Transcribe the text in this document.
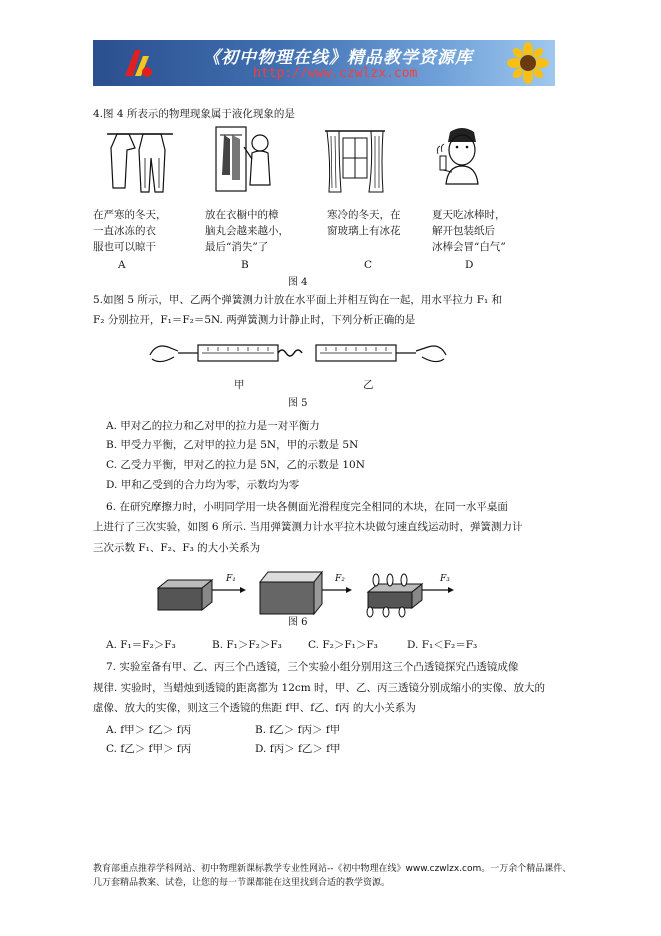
《初中物理在线》精品教学资源库
http://www.czwlzx.com
4.图 4 所表示的物理现象属于液化现象的是
在严寒的冬天，
一直冰冻的衣
服也可以晾干
A
放在衣橱中的樟
脑丸会越来越小，
最后“消失”了
B
寒冷的冬天，在
窗玻璃上有冰花
C
夏天吃冰棒时，
解开包装纸后
冰棒会冒“白气”
D
图 4
5.如图 5 所示，甲、乙两个弹簧测力计放在水平面上并相互钩在一起，用水平拉力 F₁ 和
F₂ 分别拉开，F₁＝F₂＝5N. 两弹簧测力计静止时，下列分析正确的是
甲	乙
图 5
A. 甲对乙的拉力和乙对甲的拉力是一对平衡力
B. 甲受力平衡，乙对甲的拉力是 5N，甲的示数是 5N
C. 乙受力平衡，甲对乙的拉力是 5N，乙的示数是 10N
D. 甲和乙受到的合力均为零，示数均为零
6. 在研究摩擦力时，小明同学用一块各侧面光滑程度完全相同的木块，在同一水平桌面
上进行了三次实验，如图 6 所示. 当用弹簧测力计水平拉木块做匀速直线运动时，弹簧测力计
三次示数 F₁、F₂、F₃ 的大小关系为
F₁	F₂	F₃
图 6
A. F₁＝F₂＞F₃	B. F₁＞F₂＞F₃ C. F₂＞F₁＞F₃	D. F₁＜F₂＝F₃
7. 实验室备有甲、乙、丙三个凸透镜，三个实验小组分别用这三个凸透镜探究凸透镜成像
规律. 实验时，当蜡烛到透镜的距离都为 12cm 时，甲、乙、丙三透镜分别成缩小的实像、放大的
虚像、放大的实像，则这三个透镜的焦距 f甲、f乙、f丙 的大小关系为
A. f甲＞ f乙＞ f丙	B. f乙＞ f丙＞ f甲
C. f乙＞ f甲＞ f丙	D. f丙＞ f乙＞ f甲
教育部重点推荐学科网站、初中物理新课标教学专业性网站--《初中物理在线》www.czwlzx.com。一万余个精品课件、
几万套精品教案、试卷，让您的每一节课都能在这里找到合适的教学资源。
